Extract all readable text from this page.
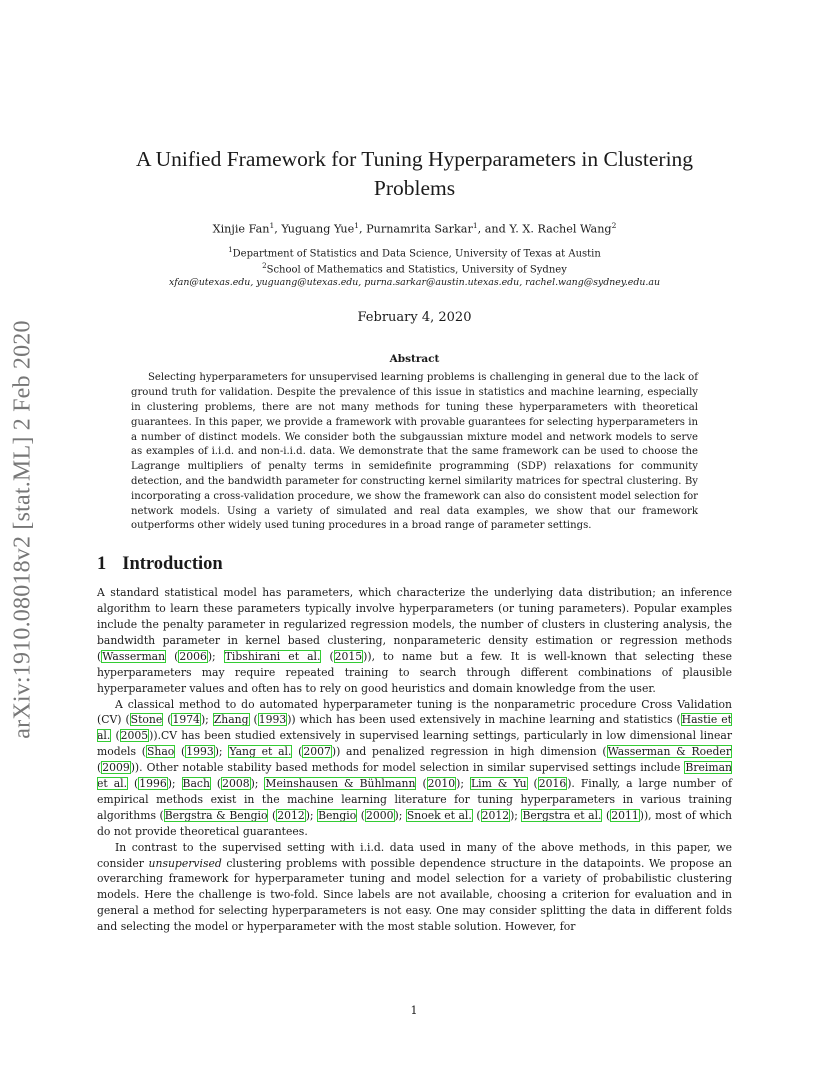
arXiv:1910.08018v2 [stat.ML] 2 Feb 2020
A Unified Framework for Tuning Hyperparameters in Clustering Problems
Xinjie Fan$^1$, Yuguang Yue$^1$, Purnamrita Sarkar$^1$, and Y. X. Rachel Wang$^2$
$^1$Department of Statistics and Data Science, University of Texas at Austin
$^2$School of Mathematics and Statistics, University of Sydney
xfan@utexas.edu, yuguang@utexas.edu, purna.sarkar@austin.utexas.edu, rachel.wang@sydney.edu.au
February 4, 2020
Abstract

Selecting hyperparameters for unsupervised learning problems is challenging in general due to the lack of ground truth for validation. Despite the prevalence of this issue in statistics and machine learning, especially in clustering problems, there are not many methods for tuning these hyperparameters with theoretical guarantees. In this paper, we provide a framework with provable guarantees for selecting hyperparameters in a number of distinct models. We consider both the subgaussian mixture model and network models to serve as examples of i.i.d. and non-i.i.d. data. We demonstrate that the same framework can be used to choose the Lagrange multipliers of penalty terms in semidefinite programming (SDP) relaxations for community detection, and the bandwidth parameter for constructing kernel similarity matrices for spectral clustering. By incorporating a cross-validation procedure, we show the framework can also do consistent model selection for network models. Using a variety of simulated and real data examples, we show that our framework outperforms other widely used tuning procedures in a broad range of parameter settings.

1 Introduction

A standard statistical model has parameters, which characterize the underlying data distribution; an inference algorithm to learn these parameters typically involve hyperparameters (or tuning parameters). Popular examples include the penalty parameter in regularized regression models, the number of clusters in clustering analysis, the bandwidth parameter in kernel based clustering, nonparameteric density estimation or regression methods (Wasserman (2006); Tibshirani et al. (2015)), to name but a few. It is well-known that selecting these hyperparameters may require repeated training to search through different combinations of plausible hyperparameter values and often has to rely on good heuristics and domain knowledge from the user.

A classical method to do automated hyperparameter tuning is the nonparametric procedure Cross Validation (CV) (Stone (1974); Zhang (1993)) which has been used extensively in machine learning and statistics (Hastie et al. (2005)).CV has been studied extensively in supervised learning settings, particularly in low dimensional linear models (Shao (1993); Yang et al. (2007)) and penalized regression in high dimension (Wasserman & Roeder (2009)). Other notable stability based methods for model selection in similar supervised settings include Breiman et al. (1996); Bach (2008); Meinshausen & Bühlmann (2010); Lim & Yu (2016). Finally, a large number of empirical methods exist in the machine learning literature for tuning hyperparameters in various training algorithms (Bergstra & Bengio (2012); Bengio (2000); Snoek et al. (2012); Bergstra et al. (2011)), most of which do not provide theoretical guarantees.

In contrast to the supervised setting with i.i.d. data used in many of the above methods, in this paper, we consider unsupervised clustering problems with possible dependence structure in the datapoints. We propose an overarching framework for hyperparameter tuning and model selection for a variety of probabilistic clustering models. Here the challenge is two-fold. Since labels are not available, choosing a criterion for evaluation and in general a method for selecting hyperparameters is not easy. One may consider splitting the data in different folds and selecting the model or hyperparameter with the most stable solution. However, for

1
